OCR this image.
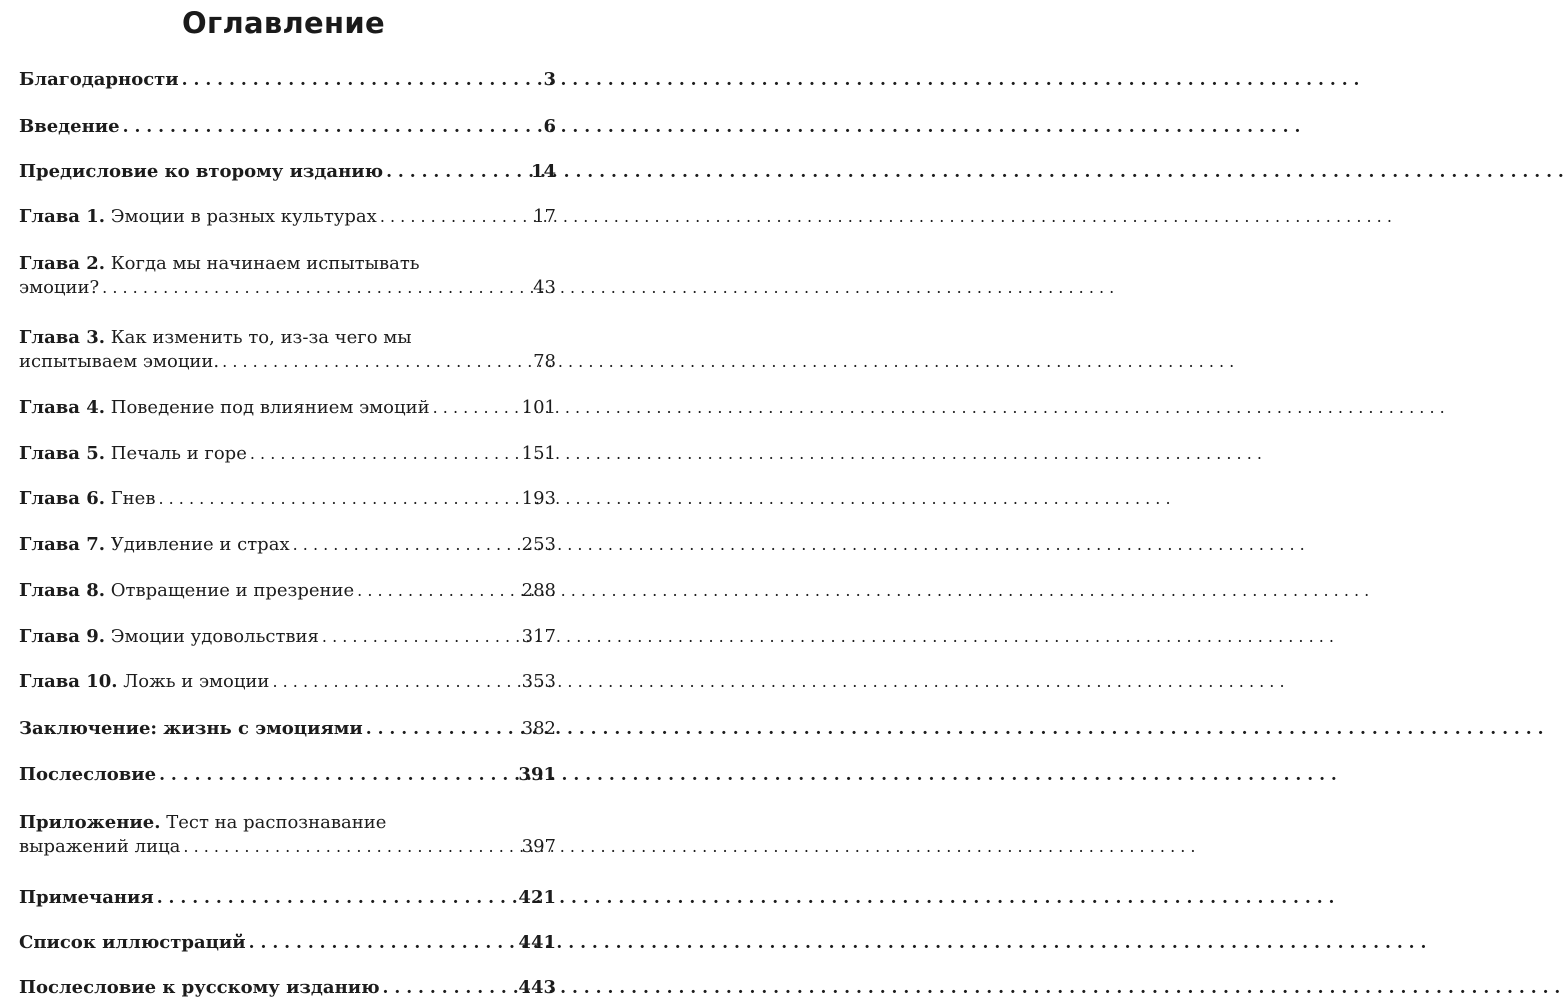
Оглавление
Благодарности . . .	3
Введение . . .	6
Предисловие ко второму изданию . . .	14
Глава 1. Эмоции в разных культурах . . .	17
Глава 2. Когда мы начинаем испытывать
эмоции? . . .	43
Глава 3. Как изменить то, из-за чего мы
испытываем эмоции. . . .	78
Глава 4. Поведение под влиянием эмоций . . .	101
Глава 5. Печаль и горе . . .	151
Глава 6. Гнев . . .	193
Глава 7. Удивление и страх . . .	253
Глава 8. Отвращение и презрение . . .	288
Глава 9. Эмоции удовольствия . . .	317
Глава 10. Ложь и эмоции . . .	353
Заключение: жизнь с эмоциями . . .	382
Послесловие . . .	391
Приложение. Тест на распознавание
выражений лица . . .	397
Примечания . . .	421
Список иллюстраций . . .	441
Послесловие к русскому изданию . . .	443
